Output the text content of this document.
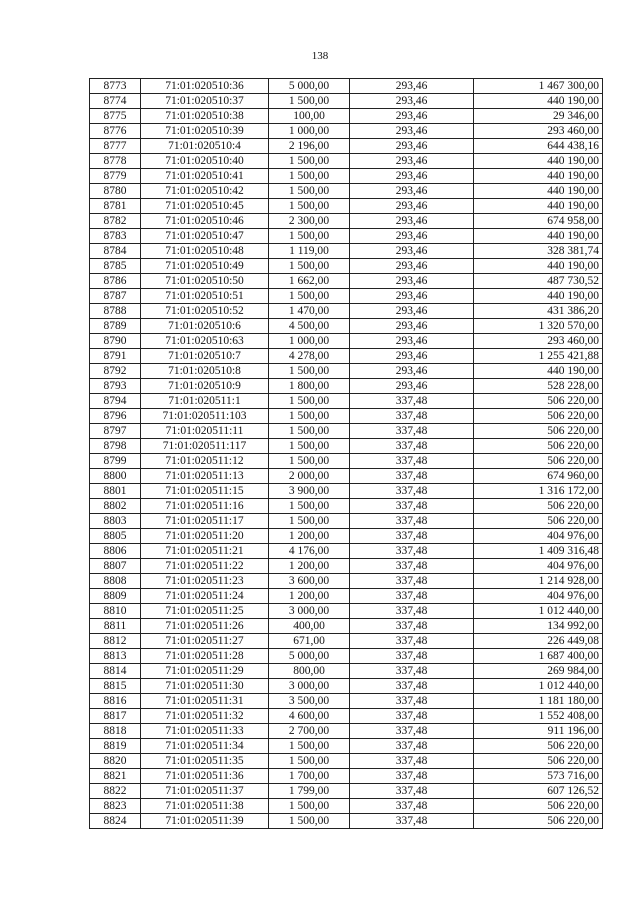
138
8773	71:01:020510:36	5 000,00	293,46	1 467 300,00
8774	71:01:020510:37	1 500,00	293,46	440 190,00
8775	71:01:020510:38	100,00	293,46	29 346,00
8776	71:01:020510:39	1 000,00	293,46	293 460,00
8777	71:01:020510:4	2 196,00	293,46	644 438,16
8778	71:01:020510:40	1 500,00	293,46	440 190,00
8779	71:01:020510:41	1 500,00	293,46	440 190,00
8780	71:01:020510:42	1 500,00	293,46	440 190,00
8781	71:01:020510:45	1 500,00	293,46	440 190,00
8782	71:01:020510:46	2 300,00	293,46	674 958,00
8783	71:01:020510:47	1 500,00	293,46	440 190,00
8784	71:01:020510:48	1 119,00	293,46	328 381,74
8785	71:01:020510:49	1 500,00	293,46	440 190,00
8786	71:01:020510:50	1 662,00	293,46	487 730,52
8787	71:01:020510:51	1 500,00	293,46	440 190,00
8788	71:01:020510:52	1 470,00	293,46	431 386,20
8789	71:01:020510:6	4 500,00	293,46	1 320 570,00
8790	71:01:020510:63	1 000,00	293,46	293 460,00
8791	71:01:020510:7	4 278,00	293,46	1 255 421,88
8792	71:01:020510:8	1 500,00	293,46	440 190,00
8793	71:01:020510:9	1 800,00	293,46	528 228,00
8794	71:01:020511:1	1 500,00	337,48	506 220,00
8796	71:01:020511:103	1 500,00	337,48	506 220,00
8797	71:01:020511:11	1 500,00	337,48	506 220,00
8798	71:01:020511:117	1 500,00	337,48	506 220,00
8799	71:01:020511:12	1 500,00	337,48	506 220,00
8800	71:01:020511:13	2 000,00	337,48	674 960,00
8801	71:01:020511:15	3 900,00	337,48	1 316 172,00
8802	71:01:020511:16	1 500,00	337,48	506 220,00
8803	71:01:020511:17	1 500,00	337,48	506 220,00
8805	71:01:020511:20	1 200,00	337,48	404 976,00
8806	71:01:020511:21	4 176,00	337,48	1 409 316,48
8807	71:01:020511:22	1 200,00	337,48	404 976,00
8808	71:01:020511:23	3 600,00	337,48	1 214 928,00
8809	71:01:020511:24	1 200,00	337,48	404 976,00
8810	71:01:020511:25	3 000,00	337,48	1 012 440,00
8811	71:01:020511:26	400,00	337,48	134 992,00
8812	71:01:020511:27	671,00	337,48	226 449,08
8813	71:01:020511:28	5 000,00	337,48	1 687 400,00
8814	71:01:020511:29	800,00	337,48	269 984,00
8815	71:01:020511:30	3 000,00	337,48	1 012 440,00
8816	71:01:020511:31	3 500,00	337,48	1 181 180,00
8817	71:01:020511:32	4 600,00	337,48	1 552 408,00
8818	71:01:020511:33	2 700,00	337,48	911 196,00
8819	71:01:020511:34	1 500,00	337,48	506 220,00
8820	71:01:020511:35	1 500,00	337,48	506 220,00
8821	71:01:020511:36	1 700,00	337,48	573 716,00
8822	71:01:020511:37	1 799,00	337,48	607 126,52
8823	71:01:020511:38	1 500,00	337,48	506 220,00
8824	71:01:020511:39	1 500,00	337,48	506 220,00
